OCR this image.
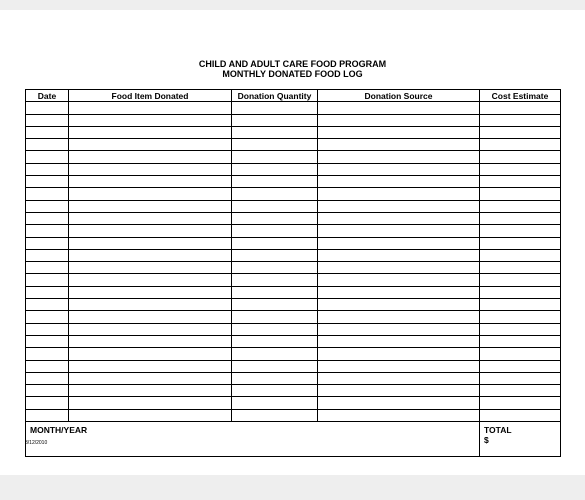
CHILD AND ADULT CARE FOOD PROGRAM
MONTHLY DONATED FOOD LOG
Date	Food Item Donated	Donation Quantity	Donation Source	Cost Estimate

MONTH/YEAR				TOTAL
$
3/12/2010
